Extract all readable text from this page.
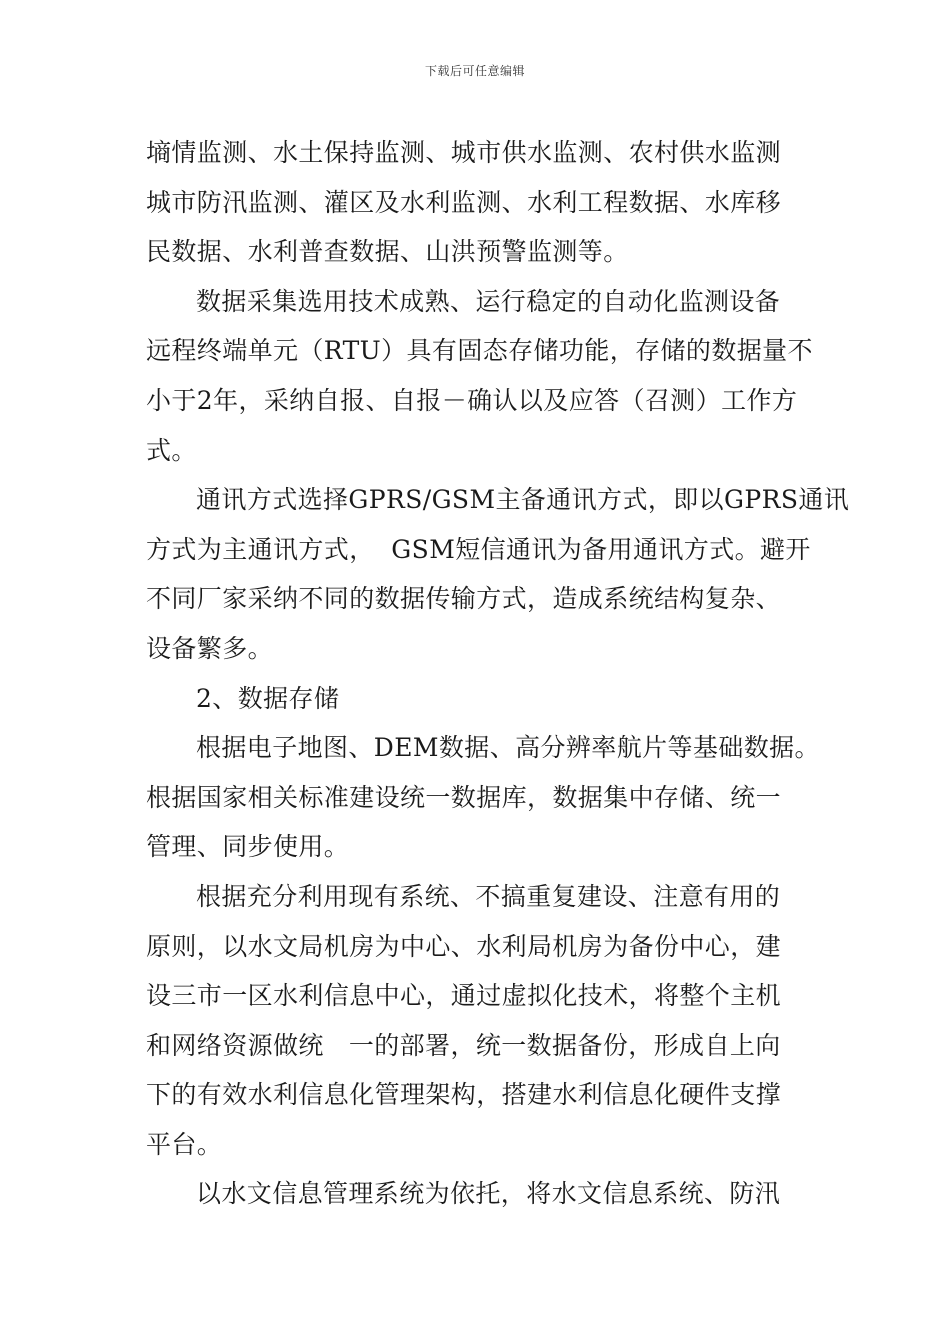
下载后可任意编辑
墒情监测、水土保持监测、城市供水监测、农村供水监测
城市防汛监测、灌区及水利监测、水利工程数据、水库移
民数据、水利普查数据、山洪预警监测等。
数据采集选用技术成熟、运行稳定的自动化监测设备
远程终端单元（RTU）具有固态存储功能，存储的数据量不
小于2年，采纳自报、自报－确认以及应答（召测）工作方
式。
通讯方式选择GPRS/GSM主备通讯方式，即以GPRS通讯
方式为主通讯方式，  GSM短信通讯为备用通讯方式。避开
不同厂家采纳不同的数据传输方式，造成系统结构复杂、
设备繁多。
2、数据存储
根据电子地图、DEM数据、高分辨率航片等基础数据。
根据国家相关标准建设统一数据库，数据集中存储、统一
管理、同步使用。
根据充分利用现有系统、不搞重复建设、注意有用的
原则，以水文局机房为中心、水利局机房为备份中心，建
设三市一区水利信息中心，通过虚拟化技术，将整个主机
和网络资源做统   一的部署，统一数据备份，形成自上向
下的有效水利信息化管理架构，搭建水利信息化硬件支撑
平台。
以水文信息管理系统为依托，将水文信息系统、防汛
